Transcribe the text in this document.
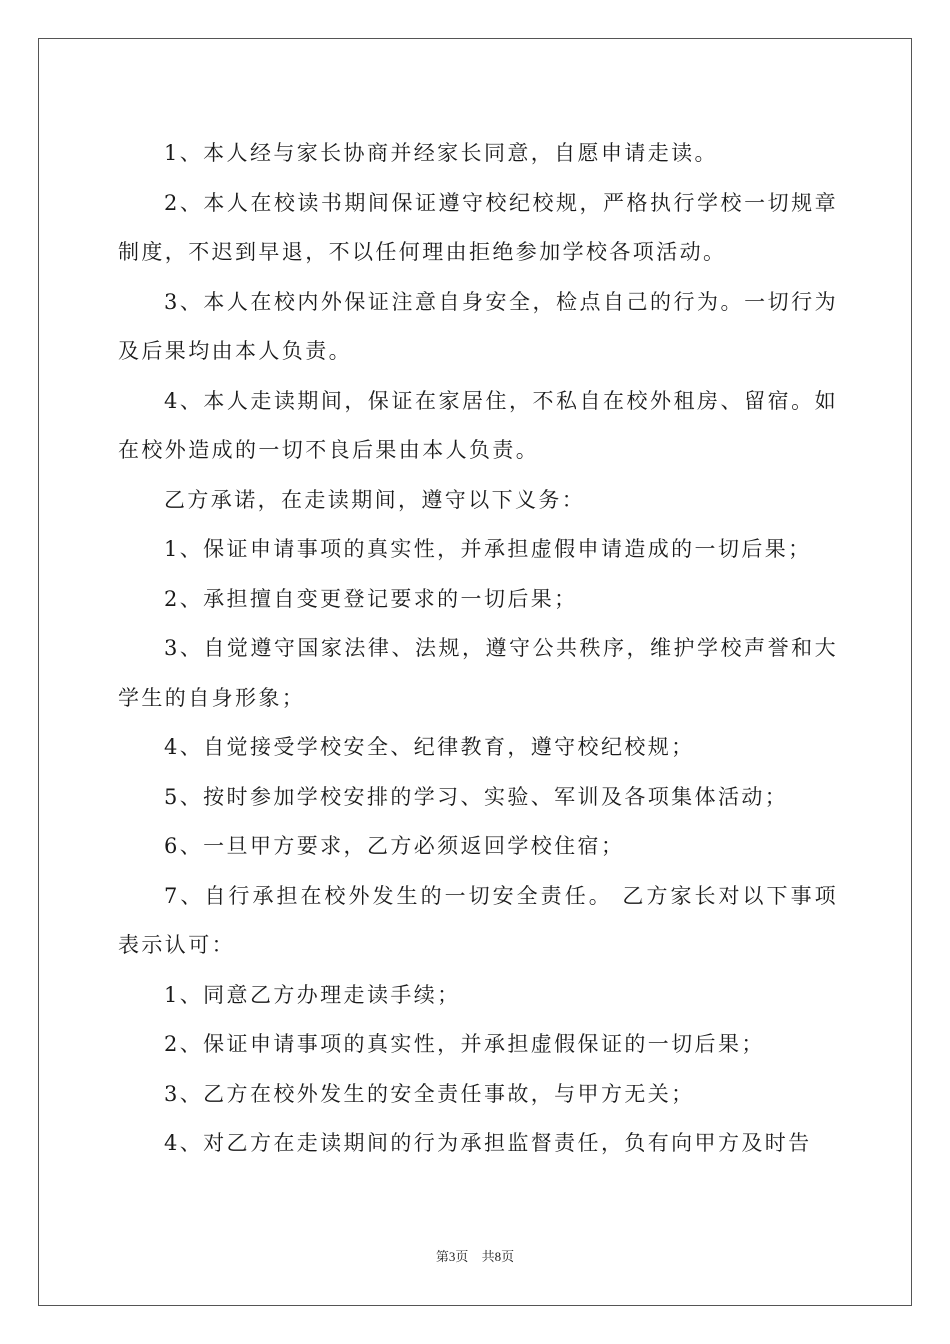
1、本人经与家长协商并经家长同意，自愿申请走读。

2、本人在校读书期间保证遵守校纪校规，严格执行学校一切规章制度，不迟到早退，不以任何理由拒绝参加学校各项活动。

3、本人在校内外保证注意自身安全，检点自己的行为。一切行为及后果均由本人负责。

4、本人走读期间，保证在家居住，不私自在校外租房、留宿。如在校外造成的一切不良后果由本人负责。

乙方承诺，在走读期间，遵守以下义务：

1、保证申请事项的真实性，并承担虚假申请造成的一切后果；

2、承担擅自变更登记要求的一切后果；

3、自觉遵守国家法律、法规，遵守公共秩序，维护学校声誉和大学生的自身形象；

4、自觉接受学校安全、纪律教育，遵守校纪校规；

5、按时参加学校安排的学习、实验、军训及各项集体活动；

6、一旦甲方要求，乙方必须返回学校住宿；

7、自行承担在校外发生的一切安全责任。 乙方家长对以下事项表示认可：

1、同意乙方办理走读手续；

2、保证申请事项的真实性，并承担虚假保证的一切后果；

3、乙方在校外发生的安全责任事故，与甲方无关；

4、对乙方在走读期间的行为承担监督责任，负有向甲方及时告

第3页 共8页
